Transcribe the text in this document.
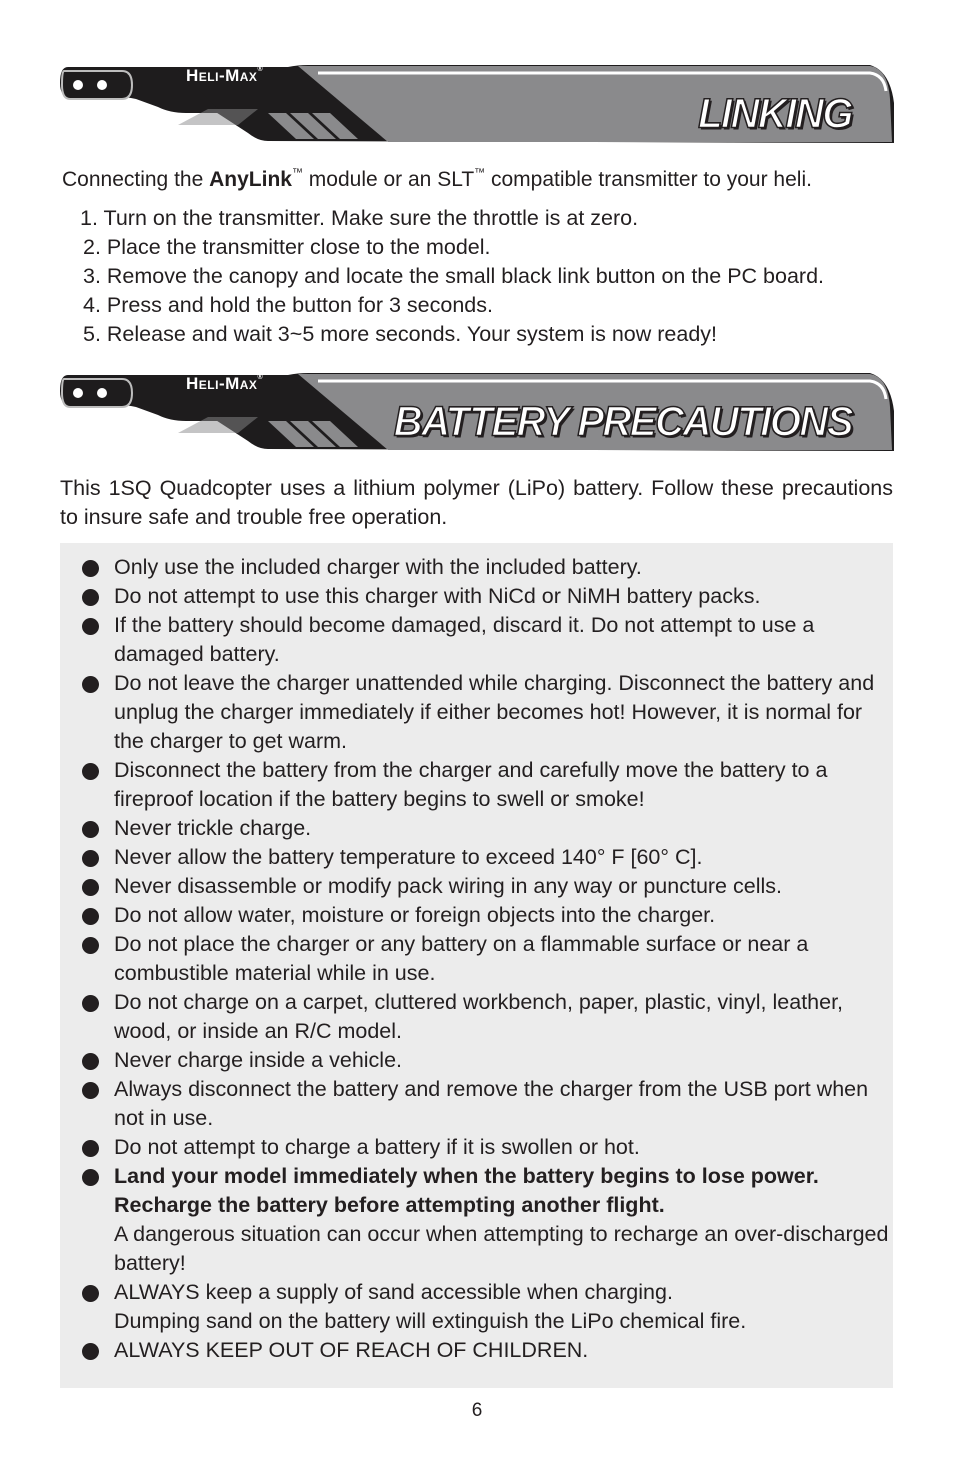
Heli-Max®
LINKING

Connecting the AnyLink™ module or an SLT™ compatible transmitter to your heli.

1. Turn on the transmitter. Make sure the throttle is at zero.
2. Place the transmitter close to the model.
3. Remove the canopy and locate the small black link button on the PC board.
4. Press and hold the button for 3 seconds.
5. Release and wait 3~5 more seconds. Your system is now ready!
Heli-Max®
BATTERY PRECAUTIONS

This 1SQ Quadcopter uses a lithium polymer (LiPo) battery. Follow these precautions to insure safe and trouble free operation.

Only use the included charger with the included battery.
Do not attempt to use this charger with NiCd or NiMH battery packs.
If the battery should become damaged, discard it. Do not attempt to use a damaged battery.
Do not leave the charger unattended while charging. Disconnect the battery and unplug the charger immediately if either becomes hot! However, it is normal for the charger to get warm.
Disconnect the battery from the charger and carefully move the battery to a fireproof location if the battery begins to swell or smoke!
Never trickle charge.
Never allow the battery temperature to exceed 140° F [60° C].
Never disassemble or modify pack wiring in any way or puncture cells.
Do not allow water, moisture or foreign objects into the charger.
Do not place the charger or any battery on a flammable surface or near a combustible material while in use.
Do not charge on a carpet, cluttered workbench, paper, plastic, vinyl, leather, wood, or inside an R/C model.
Never charge inside a vehicle.
Always disconnect the battery and remove the charger from the USB port when not in use.
Do not attempt to charge a battery if it is swollen or hot.
Land your model immediately when the battery begins to lose power. Recharge the battery before attempting another flight.
A dangerous situation can occur when attempting to recharge an over-discharged battery!
ALWAYS keep a supply of sand accessible when charging.
Dumping sand on the battery will extinguish the LiPo chemical fire.
ALWAYS KEEP OUT OF REACH OF CHILDREN.
6
